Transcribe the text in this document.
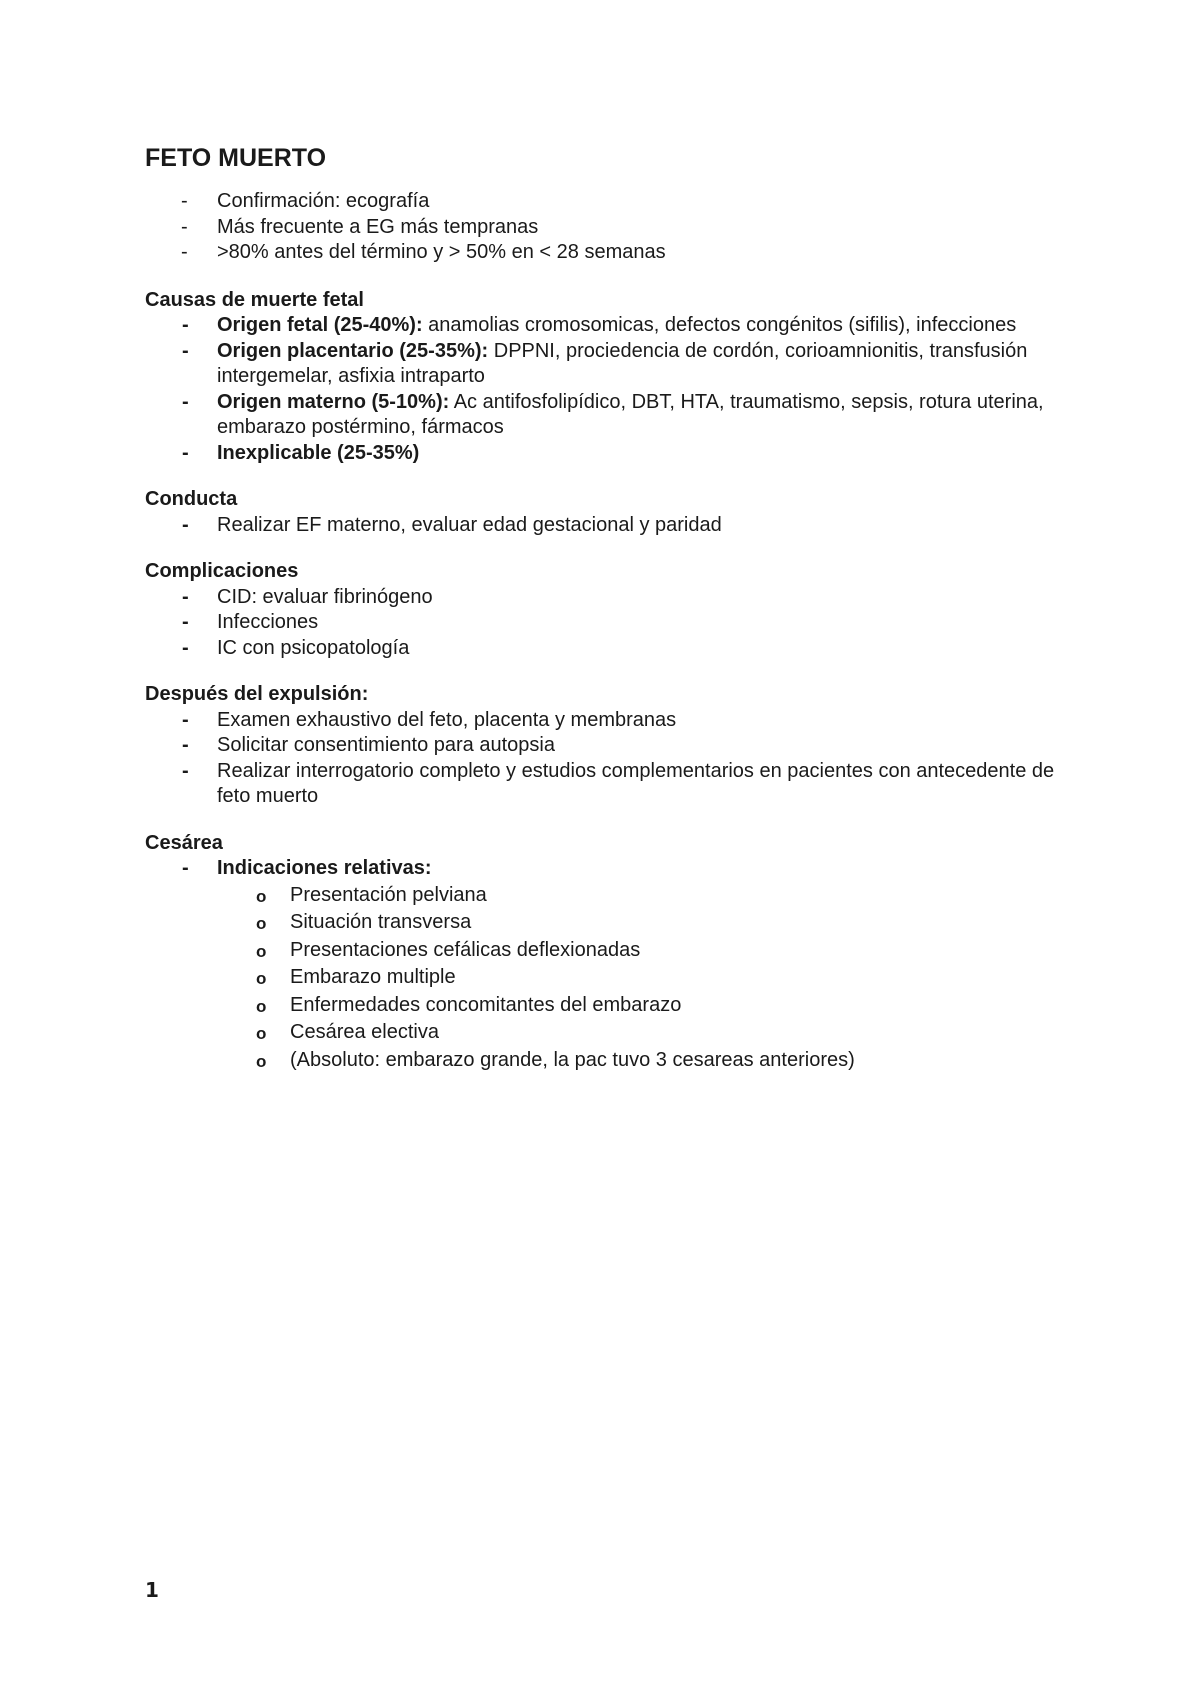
FETO MUERTO
- Confirmación: ecografía
- Más frecuente a EG más tempranas
- >80% antes del término y > 50% en < 28 semanas
Causas de muerte fetal
- Origen fetal (25-40%): anamolias cromosomicas, defectos congénitos (sifilis), infecciones
- Origen placentario (25-35%): DPPNI, prociedencia de cordón, corioamnionitis, transfusión intergemelar, asfixia intraparto
- Origen materno (5-10%): Ac antifosfolipídico, DBT, HTA, traumatismo, sepsis, rotura uterina, embarazo postérmino, fármacos
- Inexplicable (25-35%)
Conducta
- Realizar EF materno, evaluar edad gestacional y paridad
Complicaciones
- CID: evaluar fibrinógeno
- Infecciones
- IC con psicopatología
Después del expulsión:
- Examen exhaustivo del feto, placenta y membranas
- Solicitar consentimiento para autopsia
- Realizar interrogatorio completo y estudios complementarios en pacientes con antecedente de feto muerto
Cesárea
- Indicaciones relativas:
o Presentación pelviana
o Situación transversa
o Presentaciones cefálicas deflexionadas
o Embarazo multiple
o Enfermedades concomitantes del embarazo
o Cesárea electiva
o (Absoluto: embarazo grande, la pac tuvo 3 cesareas anteriores)
1
